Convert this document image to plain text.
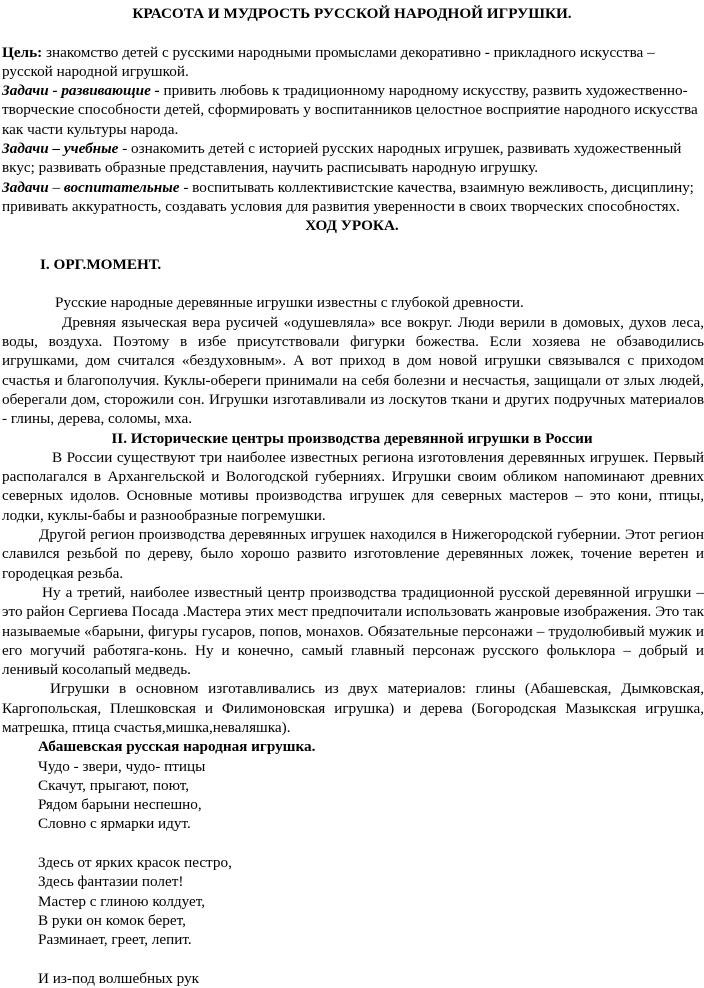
КРАСОТА И МУДРОСТЬ РУССКОЙ НАРОДНОЙ ИГРУШКИ.

Цель: знакомство детей с русскими народными промыслами декоративно - прикладного искусства – русской народной игрушкой.

Задачи - развивающие - привить любовь к традиционному народному искусству, развить художественно-творческие способности детей, сформировать у воспитанников целостное восприятие народного искусства как части культуры народа.

Задачи – учебные - ознакомить детей с историей русских народных игрушек, развивать художественный вкус; развивать образные представления, научить расписывать народную игрушку.

Задачи – воспитательные - воспитывать коллективистские качества, взаимную вежливость, дисциплину; прививать аккуратность, создавать условия для развития уверенности в своих творческих способностях.

ХОД УРОКА.

I. ОРГ.МОМЕНТ.

Русские народные деревянные игрушки известны с глубокой древности.

Древняя языческая вера русичей «одушевляла» все вокруг. Люди верили в домовых, духов леса, воды, воздуха. Поэтому в избе присутствовали фигурки божества. Если хозяева не обзаводились игрушками, дом считался «бездуховным». А вот приход в дом новой игрушки связывался с приходом счастья и благополучия. Куклы-обереги принимали на себя болезни и несчастья, защищали от злых людей, оберегали дом, сторожили сон. Игрушки изготавливали из лоскутов ткани и других подручных материалов - глины, дерева, соломы, мха.

II. Исторические центры производства деревянной игрушки в России

В России существуют три наиболее известных региона изготовления деревянных игрушек. Первый располагался в Архангельской и Вологодской губерниях. Игрушки своим обликом напоминают древних северных идолов. Основные мотивы производства игрушек для северных мастеров – это кони, птицы, лодки, куклы-бабы и разнообразные погремушки.

Другой регион производства деревянных игрушек находился в Нижегородской губернии. Этот регион славился резьбой по дереву, было хорошо развито изготовление деревянных ложек, точение веретен и городецкая резьба.

Ну а третий, наиболее известный центр производства традиционной русской деревянной игрушки – это район Сергиева Посада .Мастера этих мест предпочитали использовать жанровые изображения. Это так называемые «барыни, фигуры гусаров, попов, монахов. Обязательные персонажи – трудолюбивый мужик и его могучий работяга-конь. Ну и конечно, самый главный персонаж русского фольклора – добрый и ленивый косолапый медведь.

Игрушки в основном изготавливались из двух материалов: глины (Абашевская, Дымковская, Каргопольская, Плешковская и Филимоновская игрушка) и дерева (Богородская Мазыкская игрушка, матрешка, птица счастья,мишка,неваляшка).

Абашевская русская народная игрушка.

Чудо - звери, чудо- птицы
Скачут, прыгают, поют,
Рядом барыни неспешно,
Словно с ярмарки идут.
Здесь от ярких красок пестро,
Здесь фантазии полет!
Мастер с глиною колдует,
В руки он комок берет,
Разминает, греет, лепит.
И из-под волшебных рук
